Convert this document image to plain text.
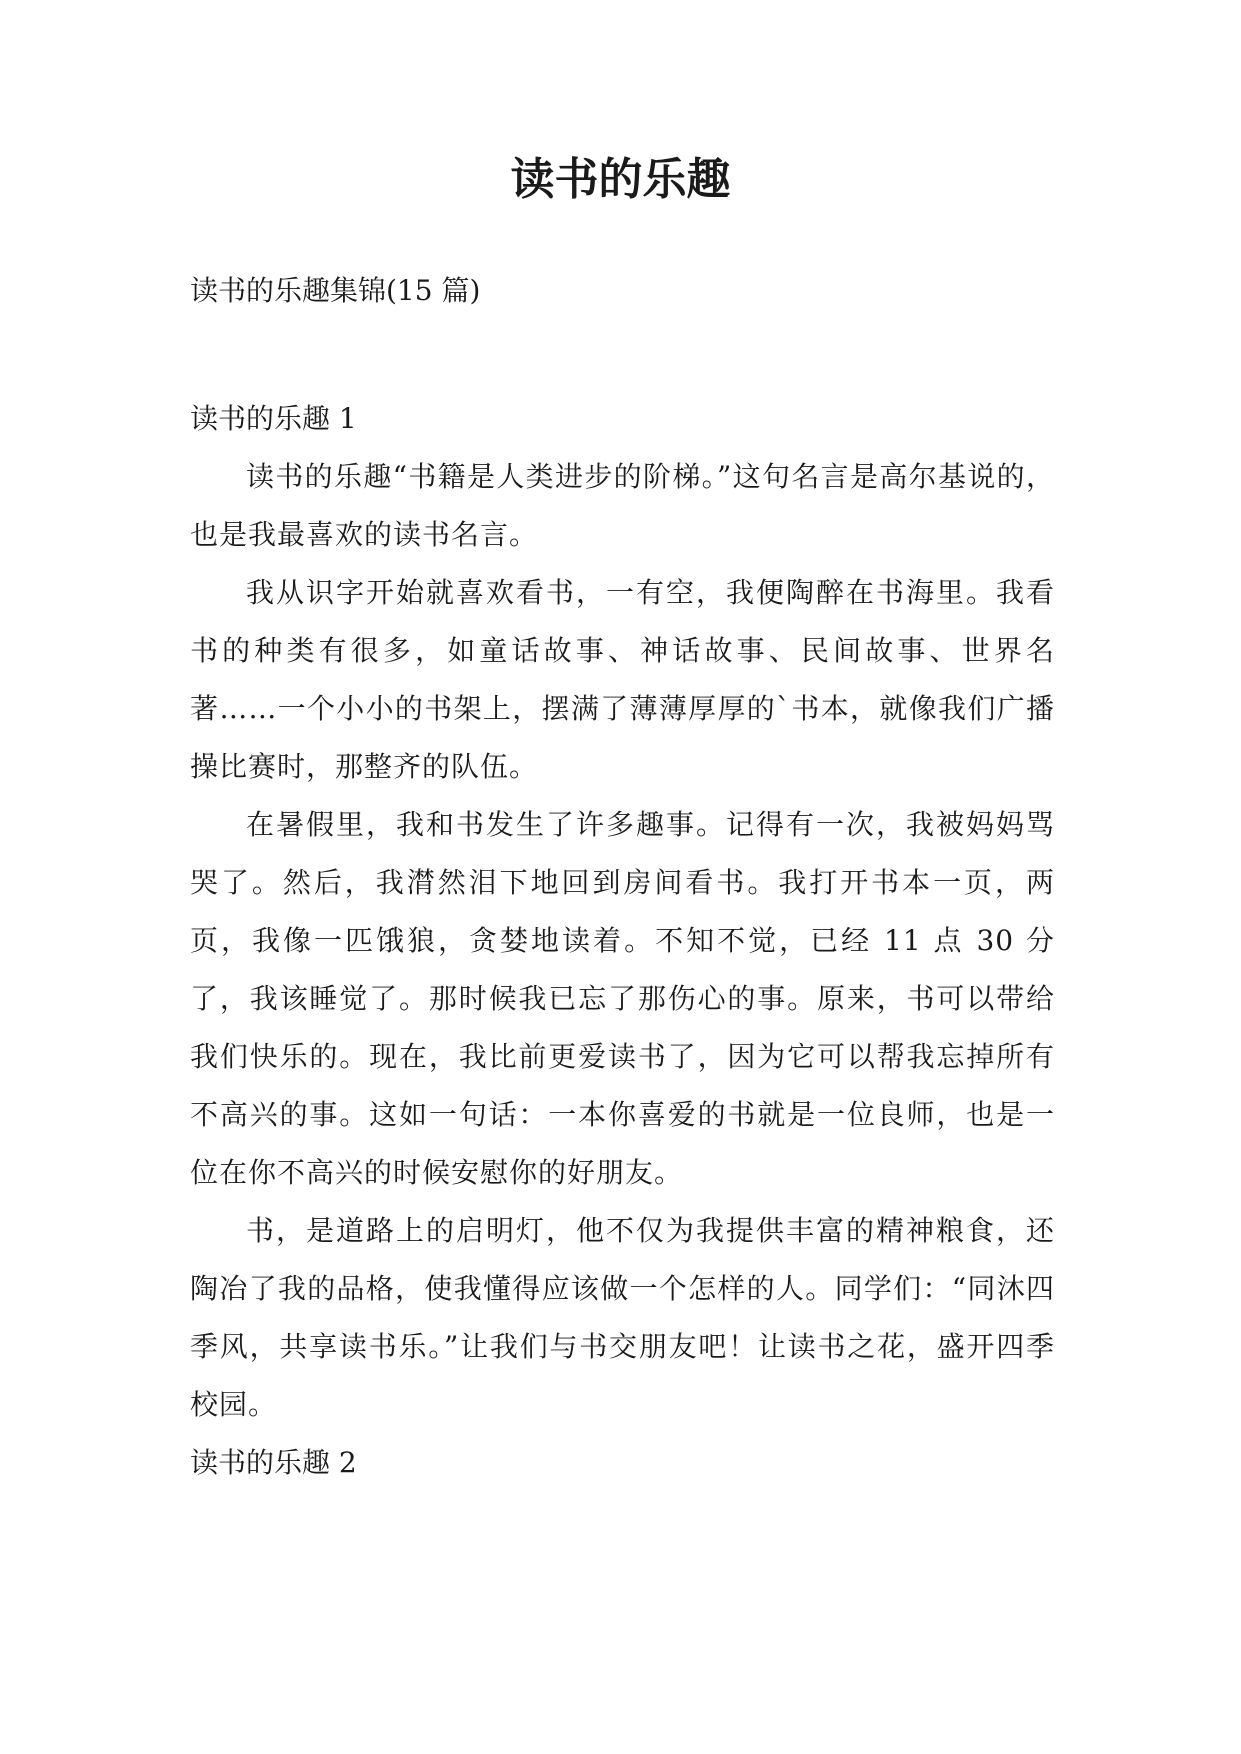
读书的乐趣

读书的乐趣集锦(15 篇)

读书的乐趣 1

读书的乐趣“书籍是人类进步的阶梯。”这句名言是高尔基说的，也是我最喜欢的读书名言。

我从识字开始就喜欢看书，一有空，我便陶醉在书海里。我看书的种类有很多，如童话故事、神话故事、民间故事、世界名著……一个小小的书架上，摆满了薄薄厚厚的`书本，就像我们广播操比赛时，那整齐的队伍。

在暑假里，我和书发生了许多趣事。记得有一次，我被妈妈骂哭了。然后，我潸然泪下地回到房间看书。我打开书本一页，两页，我像一匹饿狼，贪婪地读着。不知不觉，已经 11 点 30 分了，我该睡觉了。那时候我已忘了那伤心的事。原来，书可以带给我们快乐的。现在，我比前更爱读书了，因为它可以帮我忘掉所有不高兴的事。这如一句话：一本你喜爱的书就是一位良师，也是一位在你不高兴的时候安慰你的好朋友。

书，是道路上的启明灯，他不仅为我提供丰富的精神粮食，还陶冶了我的品格，使我懂得应该做一个怎样的人。同学们：“同沐四季风，共享读书乐。”让我们与书交朋友吧！让读书之花，盛开四季校园。

读书的乐趣 2
